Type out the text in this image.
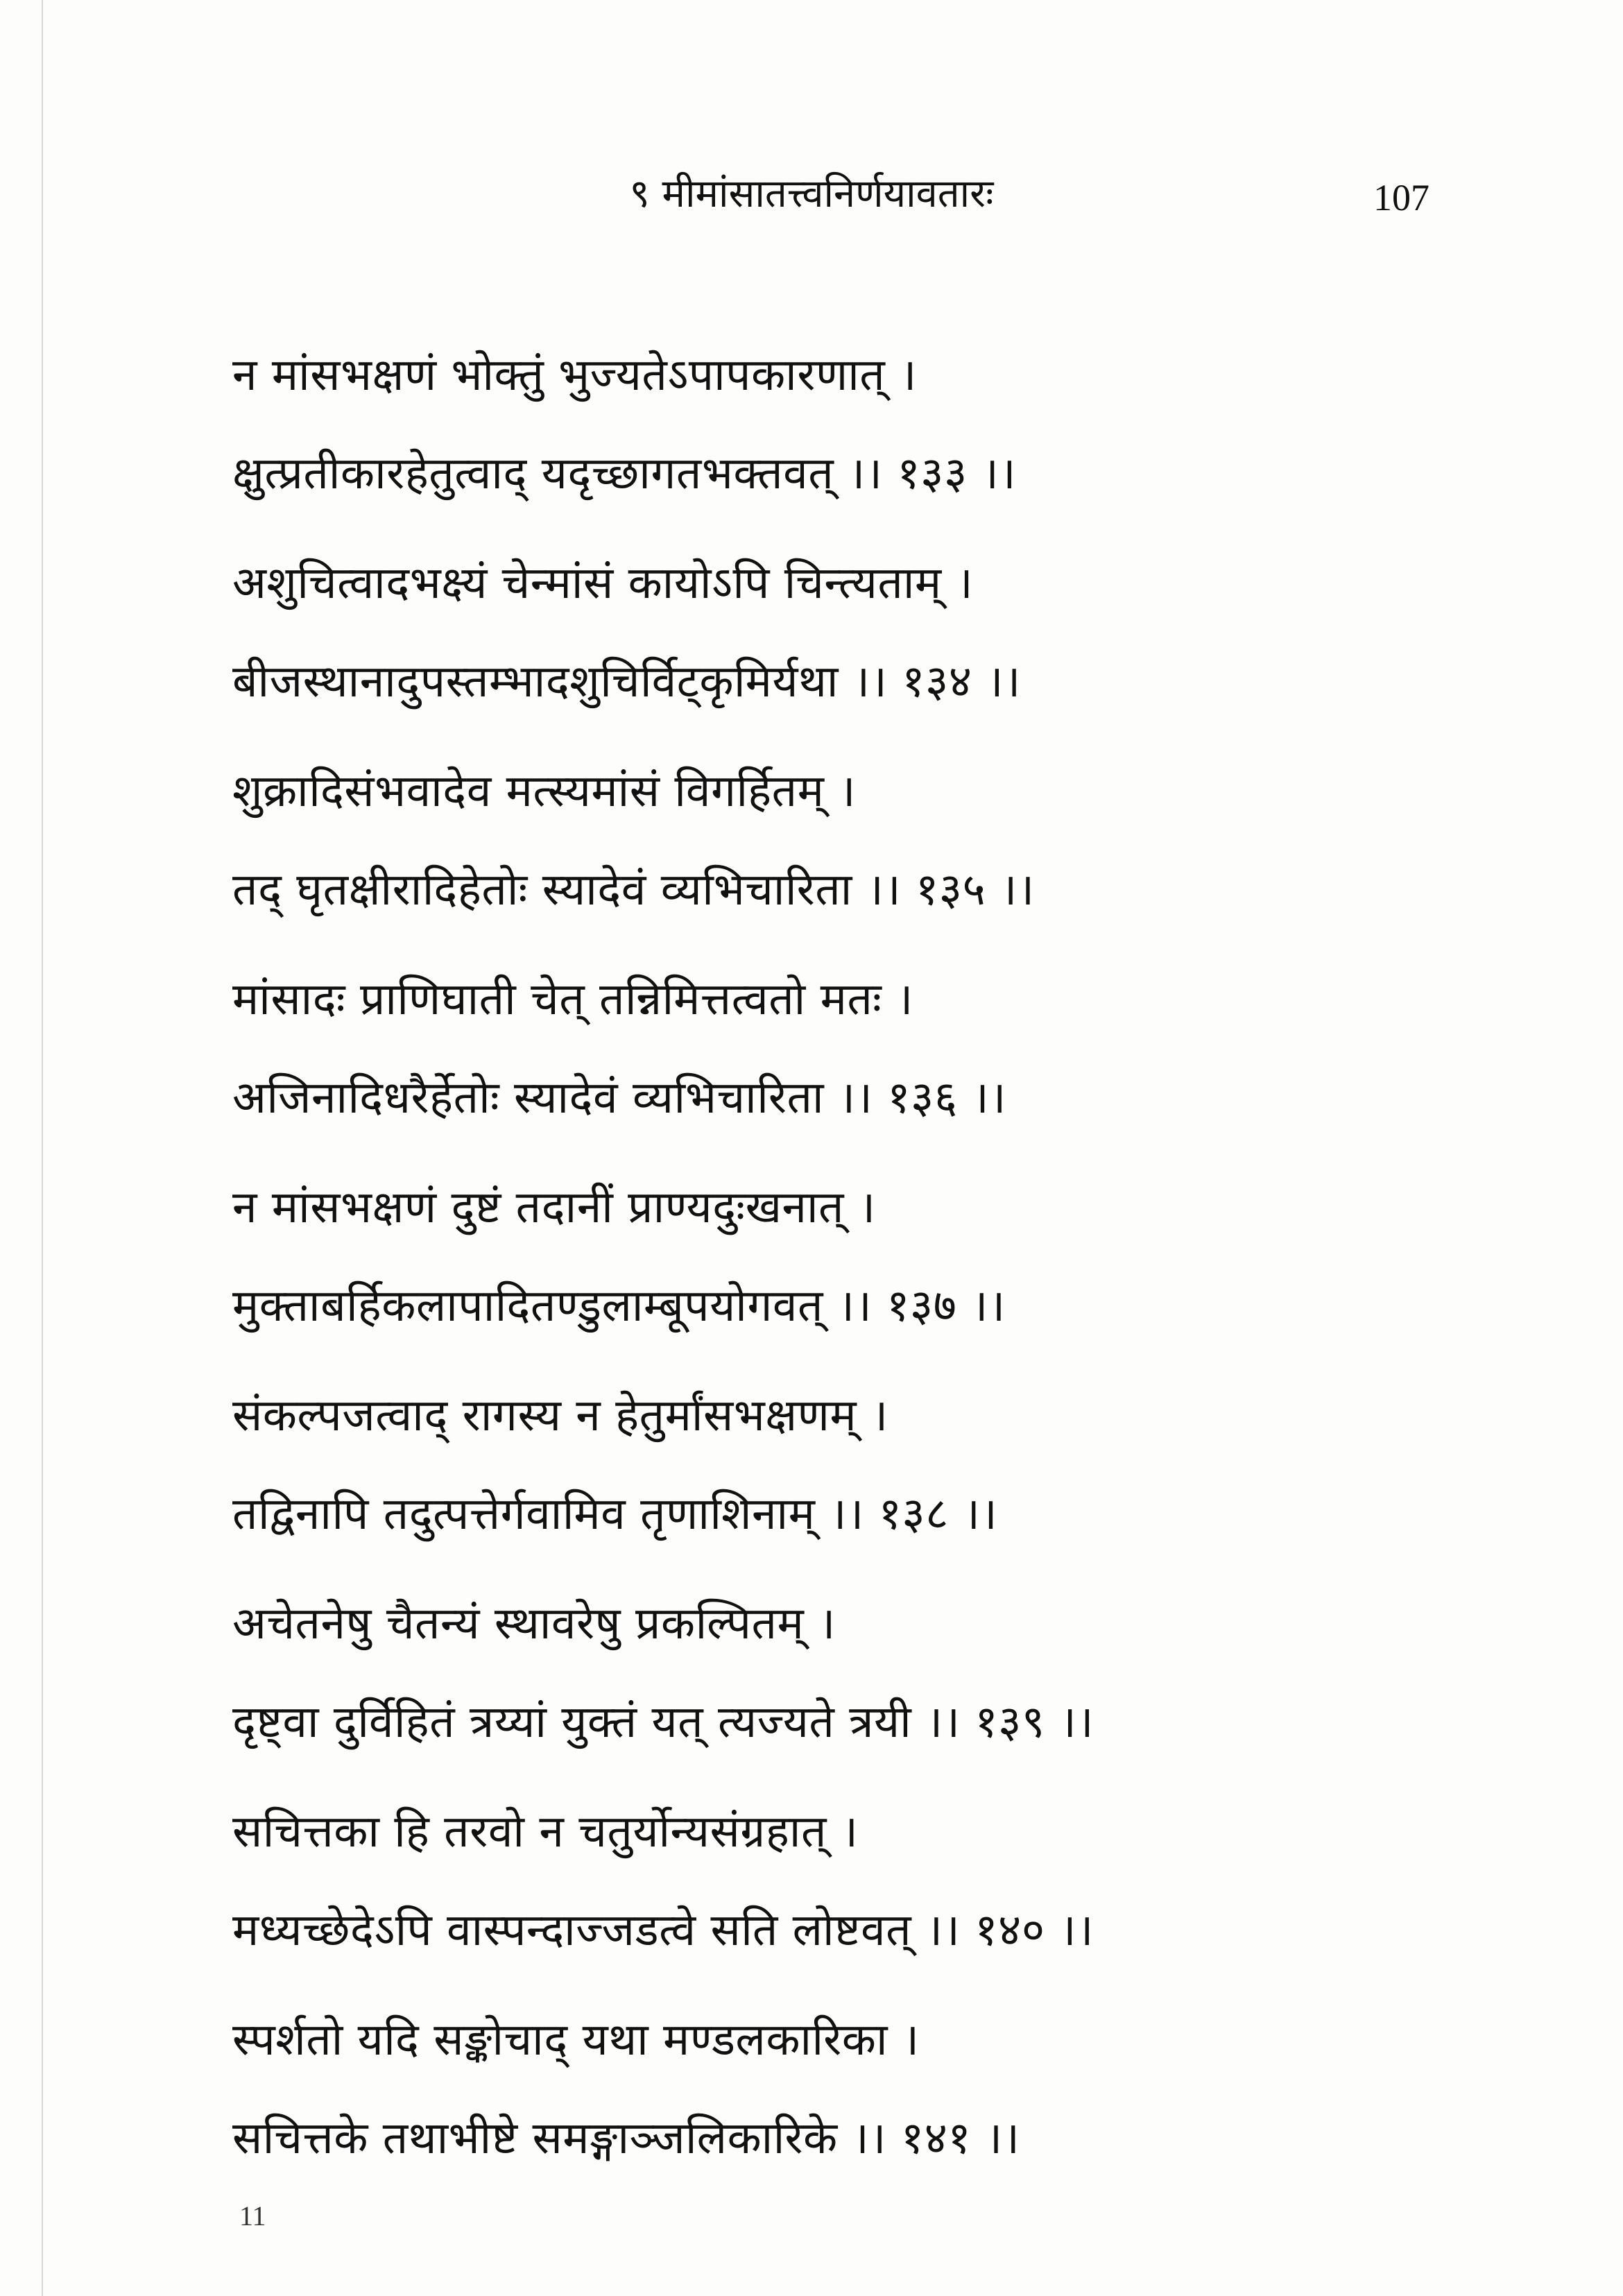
९ मीमांसातत्त्वनिर्णयावतारः	107
न मांसभक्षणं भोक्तुं भुज्यतेऽपापकारणात् ।
क्षुत्प्रतीकारहेतुत्वाद् यदृच्छागतभक्तवत् ।। १३३ ।।
अशुचित्वादभक्ष्यं चेन्मांसं कायोऽपि चिन्त्यताम् ।
बीजस्थानादुपस्तम्भादशुचिर्विट्कृमिर्यथा ।। १३४ ।।
शुक्रादिसंभवादेव मत्स्यमांसं विगर्हितम् ।
तद् घृतक्षीरादिहेतोः स्यादेवं व्यभिचारिता ।। १३५ ।।
मांसादः प्राणिघाती चेत् तन्निमित्तत्वतो मतः ।
अजिनादिधरैर्हेतोः स्यादेवं व्यभिचारिता ।। १३६ ।।
न मांसभक्षणं दुष्टं तदानीं प्राण्यदुःखनात् ।
मुक्ताबर्हिकलापादितण्डुलाम्बूपयोगवत् ।। १३७ ।।
संकल्पजत्वाद् रागस्य न हेतुर्मांसभक्षणम् ।
तद्विनापि तदुत्पत्तेर्गवामिव तृणाशिनाम् ।। १३८ ।।
अचेतनेषु चैतन्यं स्थावरेषु प्रकल्पितम् ।
दृष्ट्वा दुर्विहितं त्रय्यां युक्तं यत् त्यज्यते त्रयी ।। १३९ ।।
सचित्तका हि तरवो न चतुर्योन्यसंग्रहात् ।
मध्यच्छेदेऽपि वास्पन्दाज्जडत्वे सति लोष्टवत् ।। १४० ।।
स्पर्शतो यदि सङ्कोचाद् यथा मण्डलकारिका ।
सचित्तके तथाभीष्टे समङ्गाञ्जलिकारिके ।। १४१ ।।
11
